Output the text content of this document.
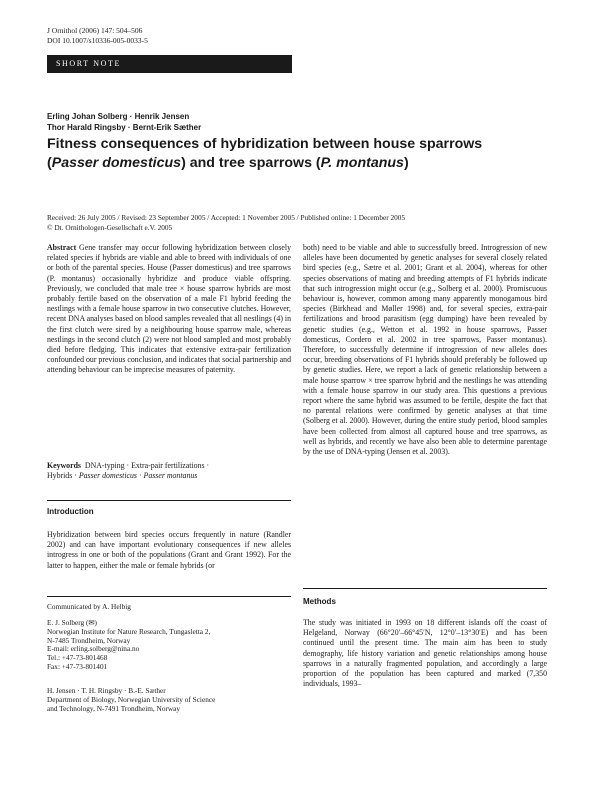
J Ornithol (2006) 147: 504–506
DOI 10.1007/s10336-005-0033-5
SHORT NOTE
Erling Johan Solberg · Henrik Jensen
Thor Harald Ringsby · Bernt-Erik Sæther
Fitness consequences of hybridization between house sparrows
(Passer domesticus) and tree sparrows (P. montanus)
Received: 26 July 2005 / Revised: 23 September 2005 / Accepted: 1 November 2005 / Published online: 1 December 2005
© Dt. Ornithologen-Gesellschaft e.V. 2005

Abstract Gene transfer may occur following hybridization between closely related species if hybrids are viable and able to breed with individuals of one or both of the parental species. House (Passer domesticus) and tree sparrows (P. montanus) occasionally hybridize and produce viable offspring. Previously, we concluded that male tree × house sparrow hybrids are most probably fertile based on the observation of a male F1 hybrid feeding the nestlings with a female house sparrow in two consecutive clutches. However, recent DNA analyses based on blood samples revealed that all nestlings (4) in the first clutch were sired by a neighbouring house sparrow male, whereas nestlings in the second clutch (2) were not blood sampled and most probably died before fledging. This indicates that extensive extra-pair fertilization confounded our previous conclusion, and indicates that social partnership and attending behaviour can be imprecise measures of paternity.

Keywords DNA-typing · Extra-pair fertilizations ·
Hybrids · Passer domesticus · Passer montanus
Introduction

Hybridization between bird species occurs frequently in nature (Randler 2002) and can have important evolutionary consequences if new alleles introgress in one or both of the populations (Grant and Grant 1992). For the latter to happen, either the male or female hybrids (or

Communicated by A. Helbig
E. J. Solberg (✉)
Norwegian Institute for Nature Research, Tungasletta 2,
N-7485 Trondheim, Norway
E-mail: erling.solberg@nina.no
Tel.: +47-73-801468
Fax: +47-73-801401
H. Jensen · T. H. Ringsby · B.-E. Sæther
Department of Biology, Norwegian University of Science
and Technology, N-7491 Trondheim, Norway

both) need to be viable and able to successfully breed. Introgression of new alleles have been documented by genetic analyses for several closely related bird species (e.g., Sætre et al. 2001; Grant et al. 2004), whereas for other species observations of mating and breeding attempts of F1 hybrids indicate that such introgression might occur (e.g., Solberg et al. 2000). Promiscuous behaviour is, however, common among many apparently monogamous bird species (Birkhead and Møller 1998) and, for several species, extra-pair fertilizations and brood parasitism (egg dumping) have been revealed by genetic studies (e.g., Wetton et al. 1992 in house sparrows, Passer domesticus, Cordero et al. 2002 in tree sparrows, Passer montanus). Therefore, to successfully determine if introgression of new alleles does occur, breeding observations of F1 hybrids should preferably be followed up by genetic studies. Here, we report a lack of genetic relationship between a male house sparrow × tree sparrow hybrid and the nestlings he was attending with a female house sparrow in our study area. This questions a previous report where the same hybrid was assumed to be fertile, despite the fact that no parental relations were confirmed by genetic analyses at that time (Solberg et al. 2000). However, during the entire study period, blood samples have been collected from almost all captured house and tree sparrows, as well as hybrids, and recently we have also been able to determine parentage by the use of DNA-typing (Jensen et al. 2003).

Methods

The study was initiated in 1993 on 18 different islands off the coast of Helgeland, Norway (66°20′–66°45′N, 12°0′–13°30′E) and has been continued until the present time. The main aim has been to study demography, life history variation and genetic relationships among house sparrows in a naturally fragmented population, and accordingly a large proportion of the population has been captured and marked (7,350 individuals, 1993–
